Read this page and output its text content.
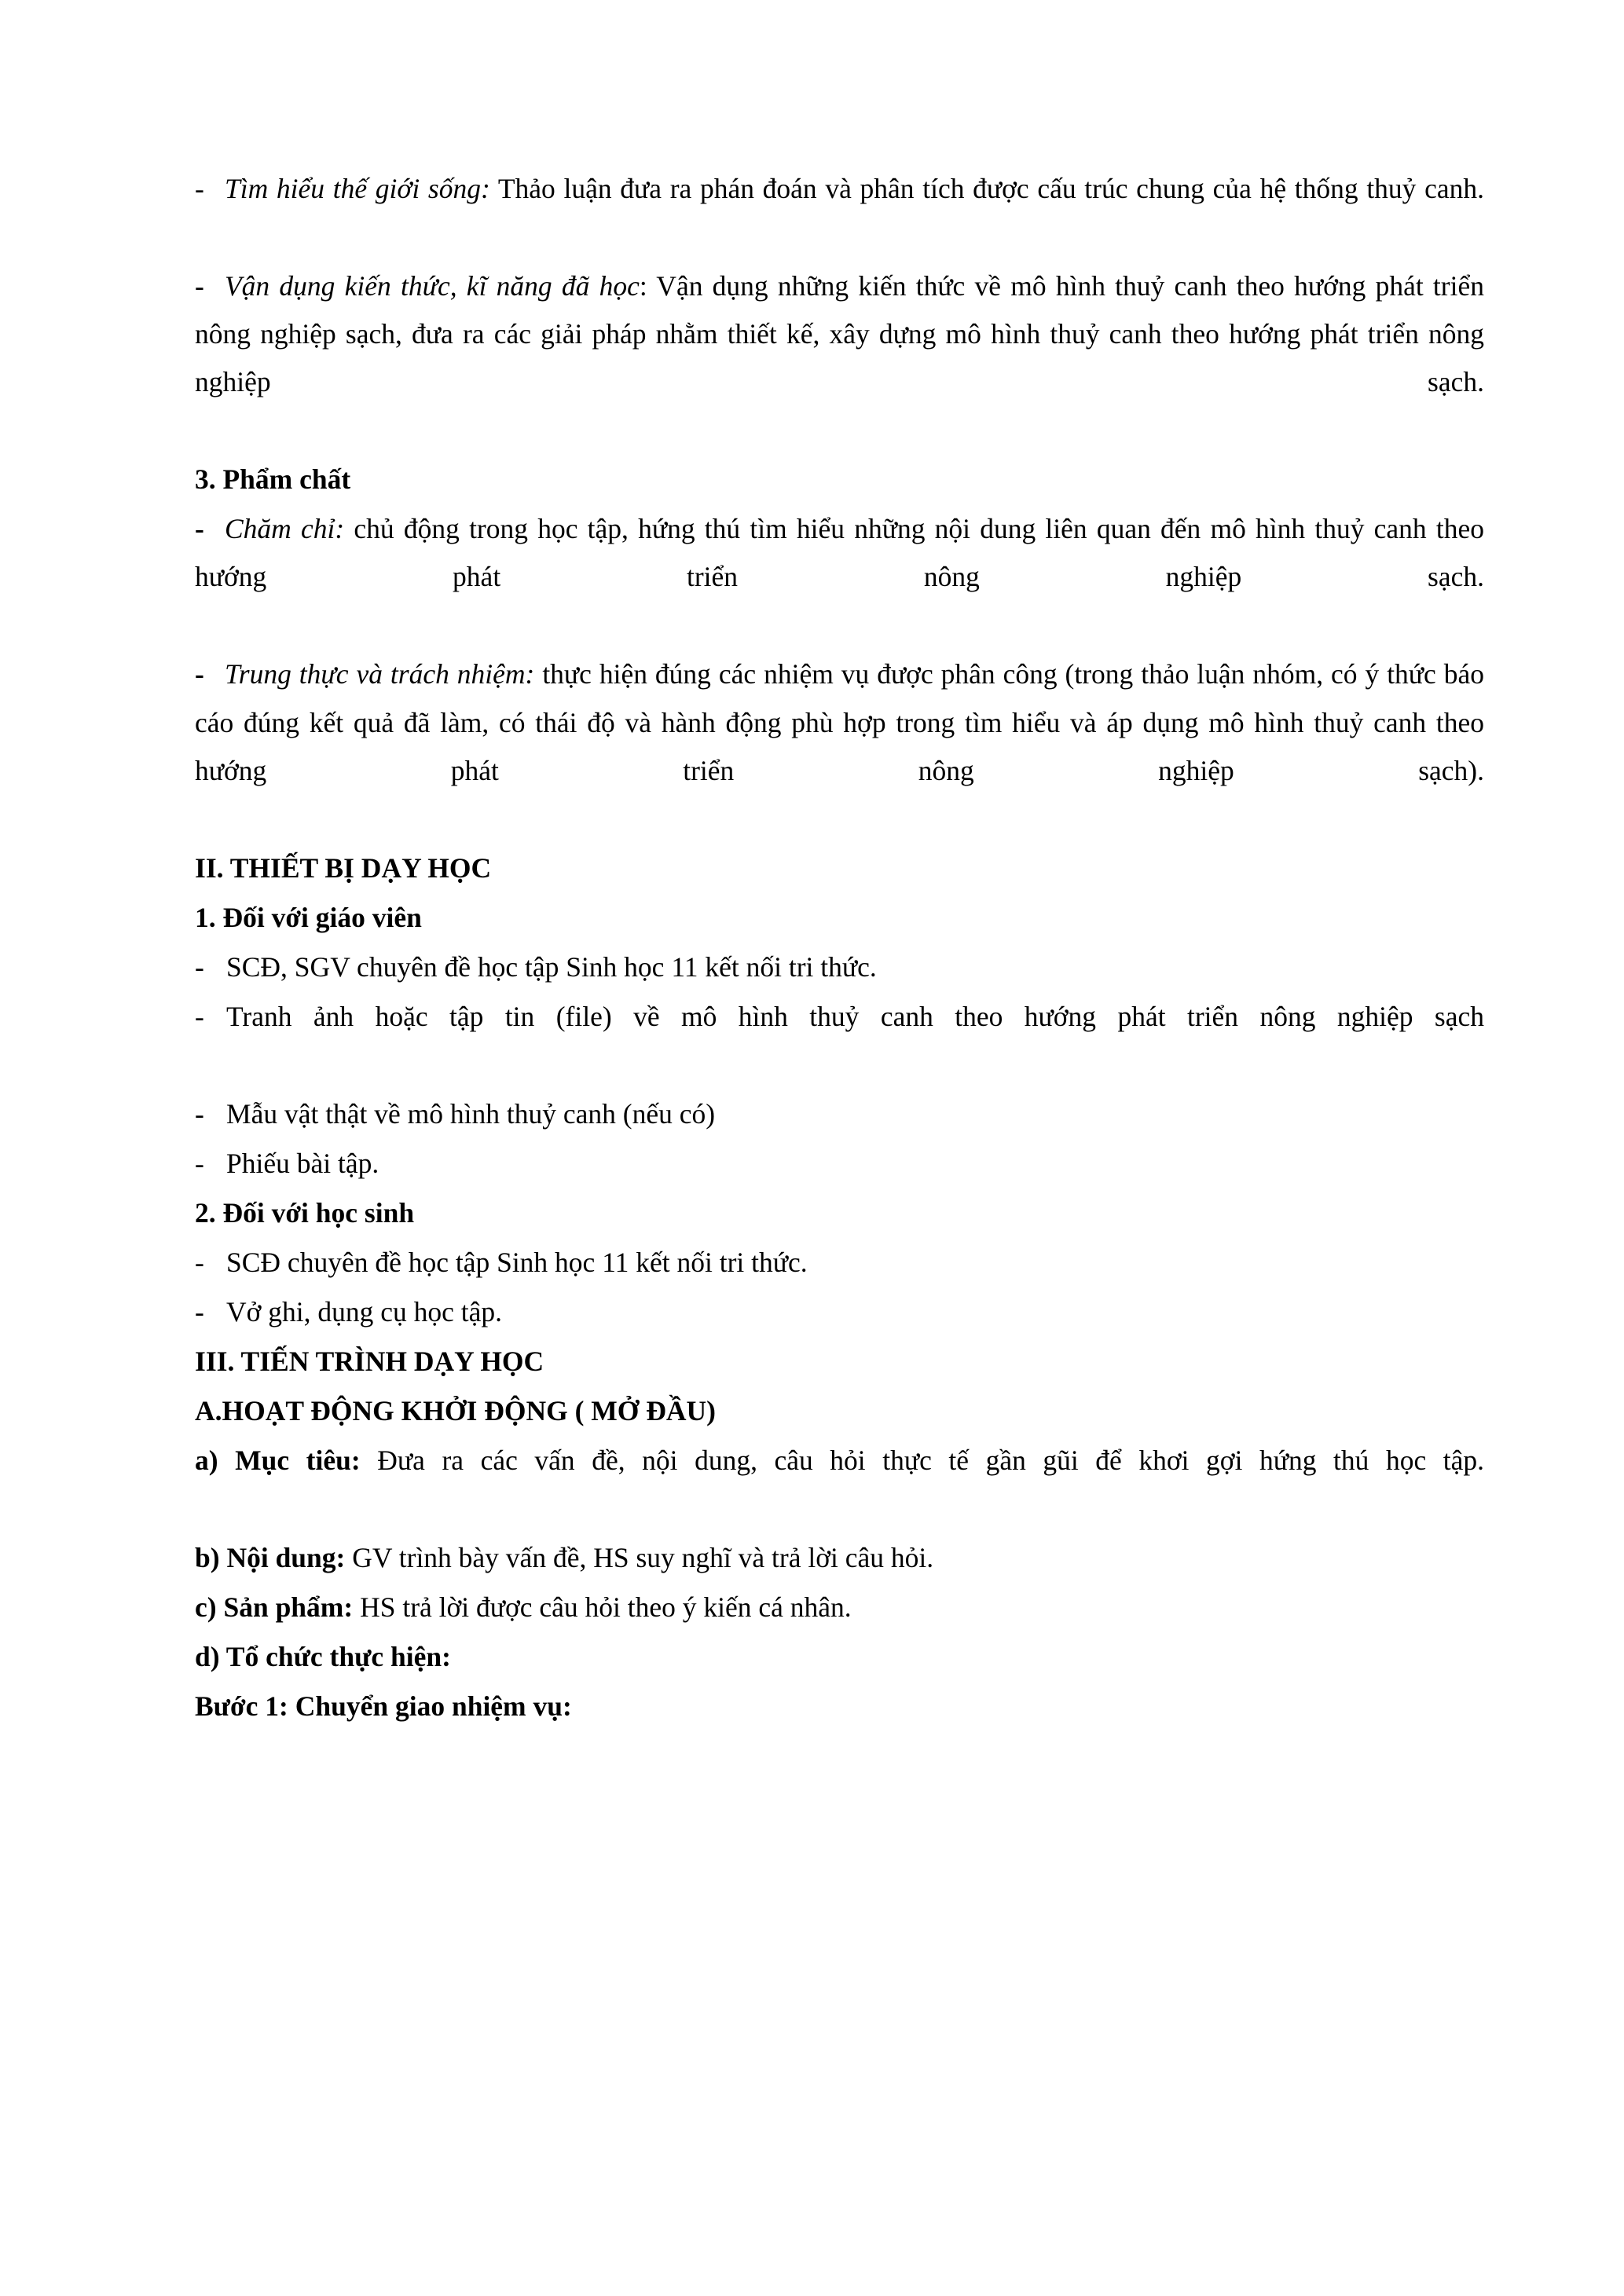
- Tìm hiểu thế giới sống: Thảo luận đưa ra phán đoán và phân tích được cấu trúc chung của hệ thống thuỷ canh.

- Vận dụng kiến thức, kĩ năng đã học: Vận dụng những kiến thức về mô hình thuỷ canh theo hướng phát triển nông nghiệp sạch, đưa ra các giải pháp nhằm thiết kế, xây dựng mô hình thuỷ canh theo hướng phát triển nông nghiệp sạch.

3. Phẩm chất

- Chăm chỉ: chủ động trong học tập, hứng thú tìm hiểu những nội dung liên quan đến mô hình thuỷ canh theo hướng phát triển nông nghiệp sạch.

- Trung thực và trách nhiệm: thực hiện đúng các nhiệm vụ được phân công (trong thảo luận nhóm, có ý thức báo cáo đúng kết quả đã làm, có thái độ và hành động phù hợp trong tìm hiểu và áp dụng mô hình thuỷ canh theo hướng phát triển nông nghiệp sạch).

II. THIẾT BỊ DẠY HỌC

1. Đối với giáo viên

- SCĐ, SGV chuyên đề học tập Sinh học 11 kết nối tri thức.

- Tranh ảnh hoặc tập tin (file) về mô hình thuỷ canh theo hướng phát triển nông nghiệp sạch

- Mẫu vật thật về mô hình thuỷ canh (nếu có)

- Phiếu bài tập.

2. Đối với học sinh

- SCĐ chuyên đề học tập Sinh học 11 kết nối tri thức.

- Vở ghi, dụng cụ học tập.

III. TIẾN TRÌNH DẠY HỌC

A.HOẠT ĐỘNG KHỞI ĐỘNG ( MỞ ĐẦU)

a) Mục tiêu: Đưa ra các vấn đề, nội dung, câu hỏi thực tế gần gũi để khơi gợi hứng thú học tập.

b) Nội dung: GV trình bày vấn đề, HS suy nghĩ và trả lời câu hỏi.

c) Sản phẩm: HS trả lời được câu hỏi theo ý kiến cá nhân.

d) Tổ chức thực hiện:

Bước 1: Chuyển giao nhiệm vụ:
